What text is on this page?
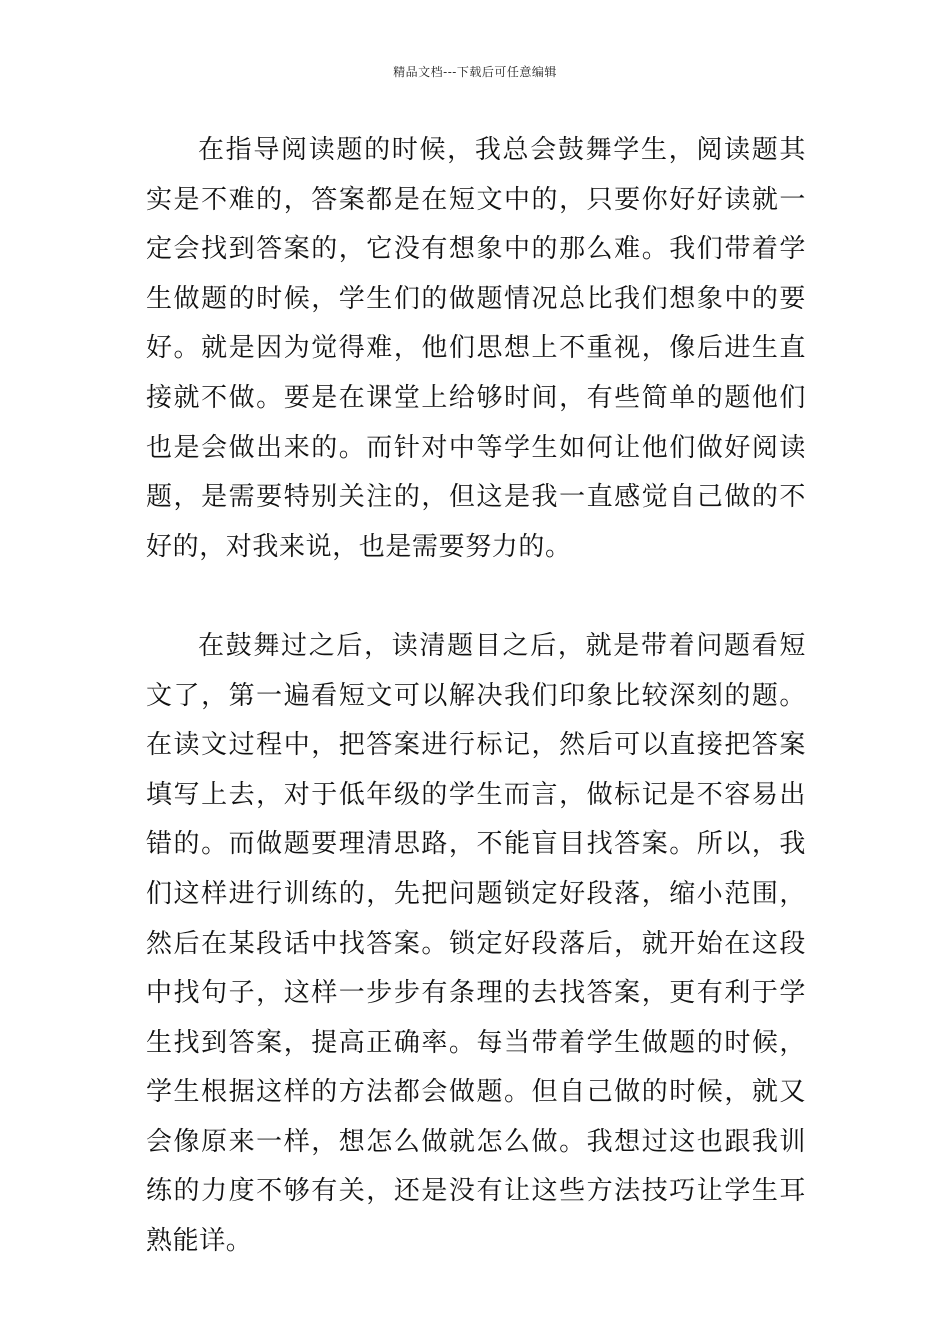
精品文档---下载后可任意编辑

在指导阅读题的时候，我总会鼓舞学生，阅读题其实是不难的，答案都是在短文中的，只要你好好读就一定会找到答案的，它没有想象中的那么难。我们带着学生做题的时候，学生们的做题情况总比我们想象中的要好。就是因为觉得难，他们思想上不重视，像后进生直接就不做。要是在课堂上给够时间，有些简单的题他们也是会做出来的。而针对中等学生如何让他们做好阅读题，是需要特别关注的，但这是我一直感觉自己做的不好的，对我来说，也是需要努力的。

在鼓舞过之后，读清题目之后，就是带着问题看短文了，第一遍看短文可以解决我们印象比较深刻的题。在读文过程中，把答案进行标记，然后可以直接把答案填写上去，对于低年级的学生而言，做标记是不容易出错的。而做题要理清思路，不能盲目找答案。所以，我们这样进行训练的，先把问题锁定好段落，缩小范围，然后在某段话中找答案。锁定好段落后，就开始在这段中找句子，这样一步步有条理的去找答案，更有利于学生找到答案，提高正确率。每当带着学生做题的时候，学生根据这样的方法都会做题。但自己做的时候，就又会像原来一样，想怎么做就怎么做。我想过这也跟我训练的力度不够有关，还是没有让这些方法技巧让学生耳熟能详。
